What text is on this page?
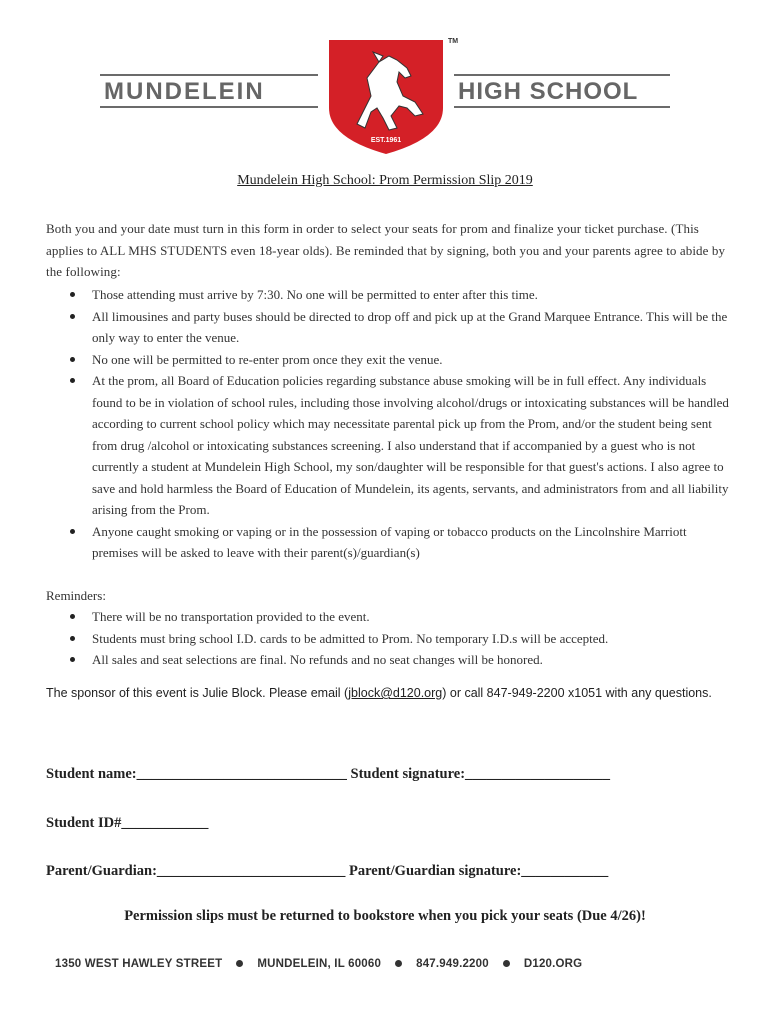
MUNDELEIN	HIGH SCHOOL
EST.1961
TM
Mundelein High School: Prom Permission Slip 2019
Both you and your date must turn in this form in order to select your seats for prom and finalize your ticket purchase. (This applies to ALL MHS STUDENTS even 18-year olds). Be reminded that by signing, both you and your parents agree to abide by the following:
Those attending must arrive by 7:30. No one will be permitted to enter after this time.
All limousines and party buses should be directed to drop off and pick up at the Grand Marquee Entrance. This will be the only way to enter the venue.
No one will be permitted to re-enter prom once they exit the venue.
At the prom, all Board of Education policies regarding substance abuse smoking will be in full effect. Any individuals found to be in violation of school rules, including those involving alcohol/drugs or intoxicating substances will be handled according to current school policy which may necessitate parental pick up from the Prom, and/or the student being sent from drug /alcohol or intoxicating substances screening. I also understand that if accompanied by a guest who is not currently a student at Mundelein High School, my son/daughter will be responsible for that guest's actions. I also agree to save and hold harmless the Board of Education of Mundelein, its agents, servants, and administrators from and all liability arising from the Prom.
Anyone caught smoking or vaping or in the possession of vaping or tobacco products on the Lincolnshire Marriott premises will be asked to leave with their parent(s)/guardian(s)
Reminders:
There will be no transportation provided to the event.
Students must bring school I.D. cards to be admitted to Prom. No temporary I.D.s will be accepted.
All sales and seat selections are final. No refunds and no seat changes will be honored.
The sponsor of this event is Julie Block. Please email (jblock@d120.org) or call 847-949-2200 x1051 with any questions.
Student name:_____________________________ Student signature:____________________
Student ID#____________
Parent/Guardian:__________________________ Parent/Guardian signature:____________
Permission slips must be returned to bookstore when you pick your seats (Due 4/26)!
1350 WEST HAWLEY STREET	MUNDELEIN, IL 60060	847.949.2200	D120.ORG
